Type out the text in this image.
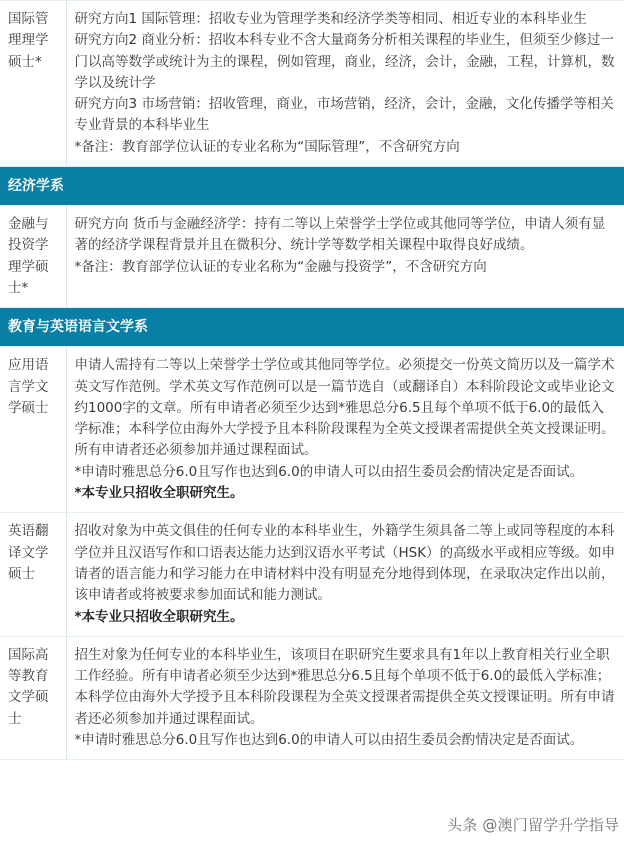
国际管理理学硕士*	研究方向1 国际管理：招收专业为管理学类和经济学类等相同、相近专业的本科毕业生

研究方向2 商业分析：招收本科专业不含大量商务分析相关课程的毕业生，但须至少修过一门以高等数学或统计为主的课程，例如管理，商业，经济，会计，金融，工程，计算机，数学以及统计学

研究方向3 市场营销：招收管理，商业，市场营销，经济，会计，金融，文化传播学等相关专业背景的本科毕业生

*备注：教育部学位认证的专业名称为“国际管理”，不含研究方向

经济学系	
金融与投资学理学硕士*	研究方向 货币与金融经济学：持有二等以上荣誉学士学位或其他同等学位，申请人须有显著的经济学课程背景并且在微积分、统计学等数学相关课程中取得良好成绩。

*备注：教育部学位认证的专业名称为“金融与投资学”，不含研究方向

教育与英语语言文学系	
应用语言学文学硕士	申请人需持有二等以上荣誉学士学位或其他同等学位。必须提交一份英文简历以及一篇学术英文写作范例。学术英文写作范例可以是一篇节选自（或翻译自）本科阶段论文或毕业论文约1000字的文章。所有申请者必须至少达到*雅思总分6.5且每个单项不低于6.0的最低入学标准；本科学位由海外大学授予且本科阶段课程为全英文授课者需提供全英文授课证明。所有申请者还必须参加并通过课程面试。

*申请时雅思总分6.0且写作也达到6.0的申请人可以由招生委员会酌情决定是否面试。

*本专业只招收全职研究生。

英语翻译文学硕士	招收对象为中英文俱佳的任何专业的本科毕业生，外籍学生须具备二等上或同等程度的本科学位并且汉语写作和口语表达能力达到汉语水平考试（HSK）的高级水平或相应等级。如申请者的语言能力和学习能力在申请材料中没有明显充分地得到体现，在录取决定作出以前，该申请者或将被要求参加面试和能力测试。

*本专业只招收全职研究生。

国际高等教育文学硕士	招生对象为任何专业的本科毕业生，该项目在职研究生要求具有1年以上教育相关行业全职工作经验。所有申请者必须至少达到*雅思总分6.5且每个单项不低于6.0的最低入学标准；本科学位由海外大学授予且本科阶段课程为全英文授课者需提供全英文授课证明。所有申请者还必须参加并通过课程面试。

*申请时雅思总分6.0且写作也达到6.0的申请人可以由招生委员会酌情决定是否面试。

头条 @澳门留学升学指导
